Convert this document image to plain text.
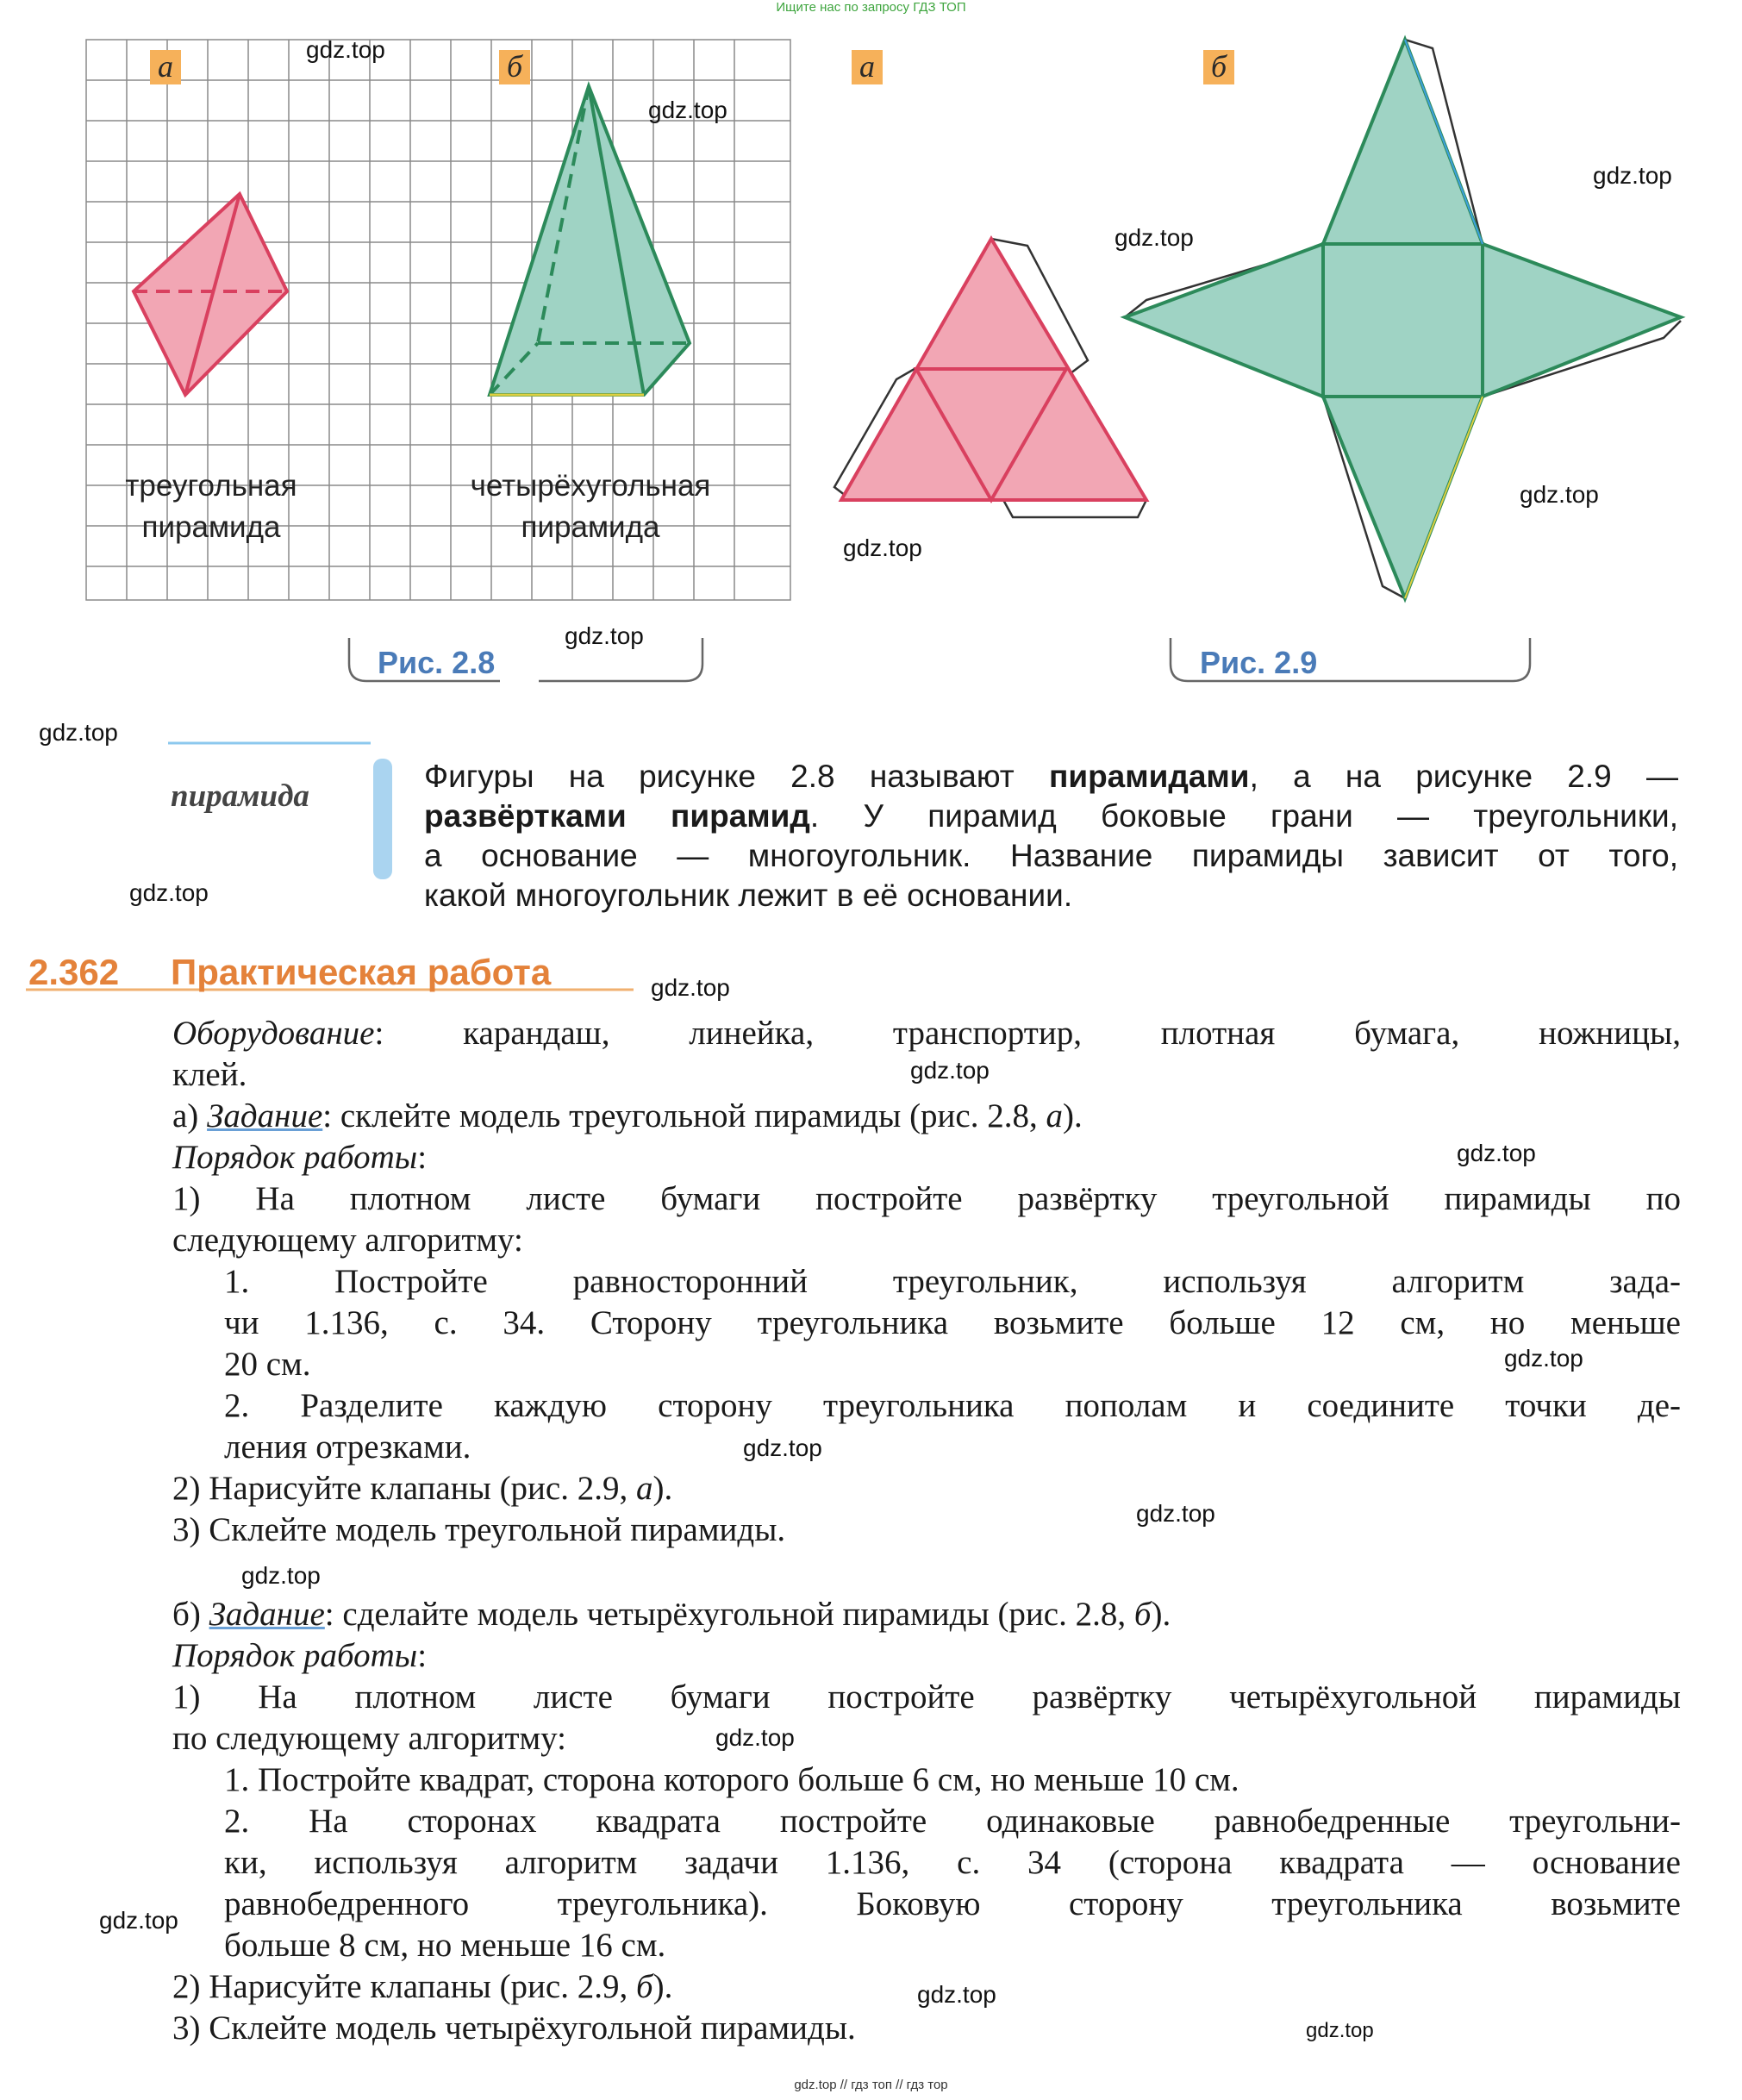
Ищите нас по запросу ГДЗ ТОП
а	б	а	б
треугольная
пирамида
четырёхугольная
пирамида
Рис. 2.8	Рис. 2.9
пирамида
Фигуры на рисунке 2.8 называют пирамидами, а на рисунке 2.9 —
развёртками пирамид. У пирамид боковые грани — треугольники,
а основание — многоугольник. Название пирамиды зависит от того,
какой многоугольник лежит в её основании.
2.362 Практическая работа
Оборудование: карандаш, линейка, транспортир, плотная бумага, ножницы,
клей.
а) Задание: склейте модель треугольной пирамиды (рис. 2.8, а).
Порядок работы:
1) На плотном листе бумаги постройте развёртку треугольной пирамиды по
следующему алгоритму:
1. Постройте равносторонний треугольник, используя алгоритм зада-
чи 1.136, с. 34. Сторону треугольника возьмите больше 12 см, но меньше
20 см.
2. Разделите каждую сторону треугольника пополам и соедините точки де-
ления отрезками.
2) Нарисуйте клапаны (рис. 2.9, а).
3) Склейте модель треугольной пирамиды.
б) Задание: сделайте модель четырёхугольной пирамиды (рис. 2.8, б).
Порядок работы:
1) На плотном листе бумаги постройте развёртку четырёхугольной пирамиды
по следующему алгоритму:
1. Постройте квадрат, сторона которого больше 6 см, но меньше 10 см.
2. На сторонах квадрата постройте одинаковые равнобедренные треугольни-
ки, используя алгоритм задачи 1.136, с. 34 (сторона квадрата — основание
равнобедренного треугольника). Боковую сторону треугольника возьмите
больше 8 см, но меньше 16 см.
2) Нарисуйте клапаны (рис. 2.9, б).
3) Склейте модель четырёхугольной пирамиды.
gdz.top
gdz.top
gdz.top
gdz.top
gdz.top
gdz.top
gdz.top
gdz.top
gdz.top
gdz.top
gdz.top
gdz.top
gdz.top
gdz.top
gdz.top
gdz.top
gdz.top
gdz.top
gdz.top
gdz.top
gdz.top // гдз топ // гдз тор
